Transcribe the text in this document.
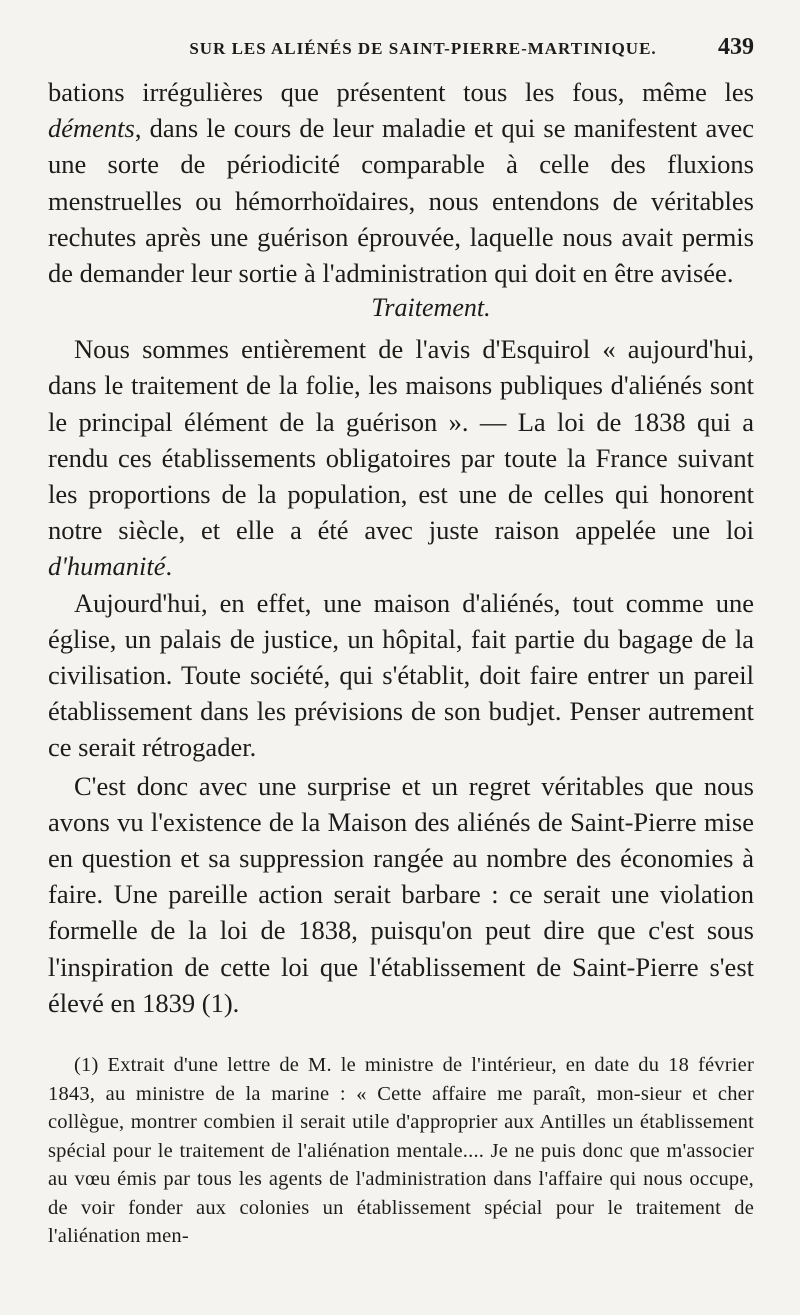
SUR LES ALIÉNÉS DE SAINT-PIERRE-MARTINIQUE.	439

bations irrégulières que présentent tous les fous, même les déments, dans le cours de leur maladie et qui se manifestent avec une sorte de périodicité comparable à celle des fluxions menstruelles ou hémorrhoïdaires, nous entendons de véritables rechutes après une guérison éprouvée, laquelle nous avait permis de demander leur sortie à l'administration qui doit en être avisée.

Traitement.

Nous sommes entièrement de l'avis d'Esquirol « aujourd'hui, dans le traitement de la folie, les maisons publiques d'aliénés sont le principal élément de la guérison ». — La loi de 1838 qui a rendu ces établissements obligatoires par toute la France suivant les proportions de la population, est une de celles qui honorent notre siècle, et elle a été avec juste raison appelée une loi d'humanité.

Aujourd'hui, en effet, une maison d'aliénés, tout comme une église, un palais de justice, un hôpital, fait partie du bagage de la civilisation. Toute société, qui s'établit, doit faire entrer un pareil établissement dans les prévisions de son budjet. Penser autrement ce serait rétrogader.

C'est donc avec une surprise et un regret véritables que nous avons vu l'existence de la Maison des aliénés de Saint-Pierre mise en question et sa suppression rangée au nombre des économies à faire. Une pareille action serait barbare : ce serait une violation formelle de la loi de 1838, puisqu'on peut dire que c'est sous l'inspiration de cette loi que l'établissement de Saint-Pierre s'est élevé en 1839 (1).

(1) Extrait d'une lettre de M. le ministre de l'intérieur, en date du 18 février 1843, au ministre de la marine : « Cette affaire me paraît, mon-sieur et cher collègue, montrer combien il serait utile d'approprier aux Antilles un établissement spécial pour le traitement de l'aliénation mentale.... Je ne puis donc que m'associer au vœu émis par tous les agents de l'administration dans l'affaire qui nous occupe, de voir fonder aux colonies un établissement spécial pour le traitement de l'aliénation men-
